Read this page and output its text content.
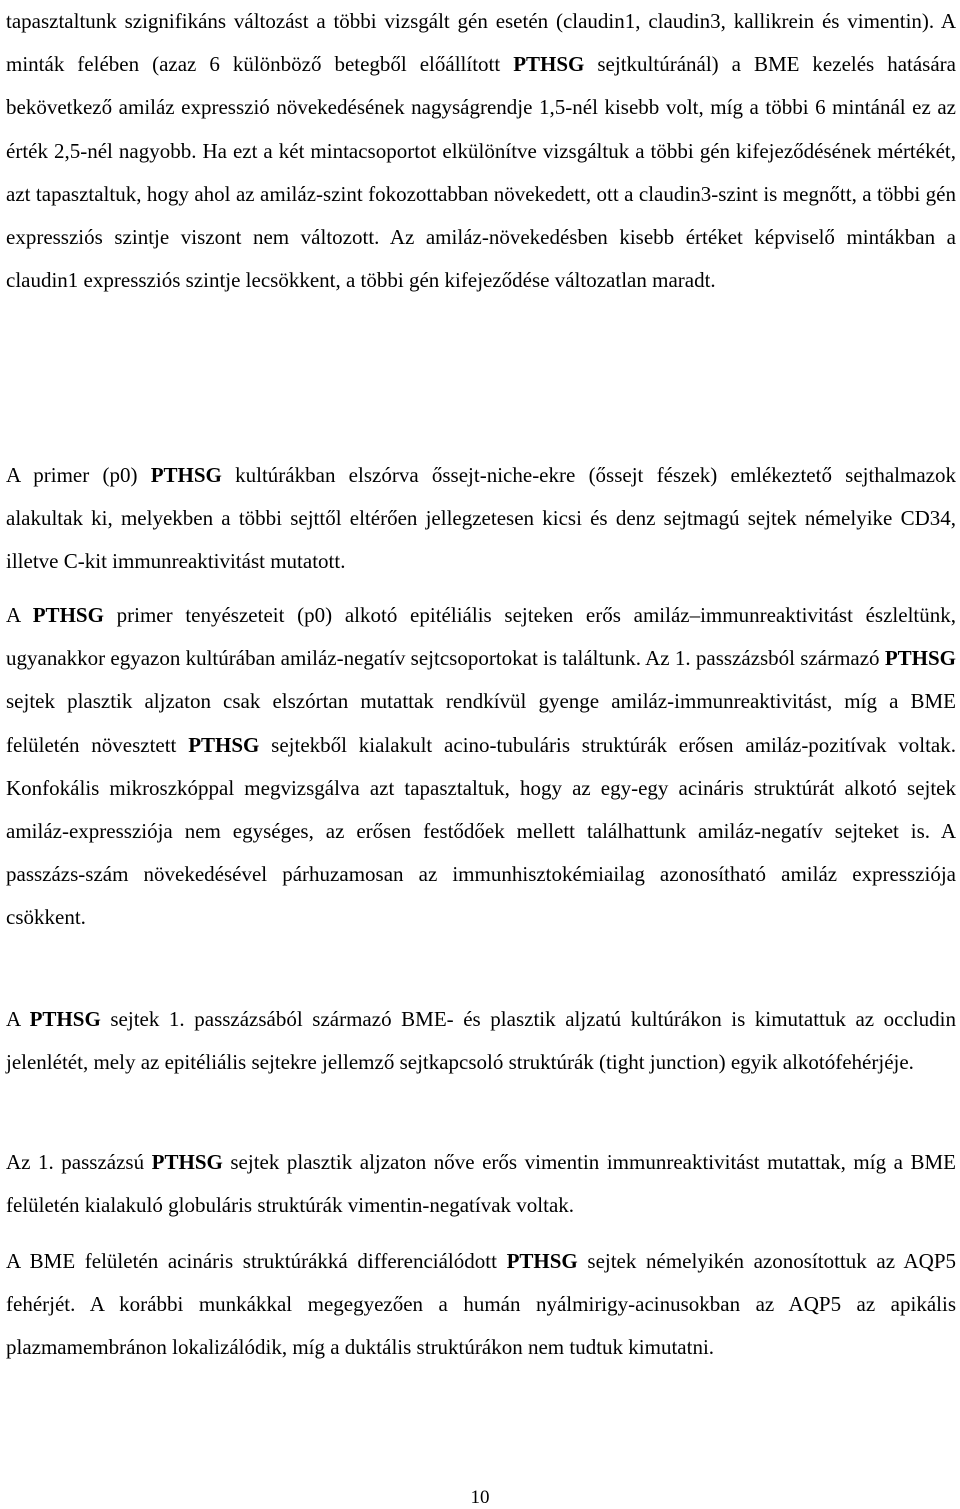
tapasztaltunk szignifikáns változást a többi vizsgált gén esetén (claudin1, claudin3, kallikrein és vimentin). A minták felében (azaz 6 különböző betegből előállított PTHSG sejtkultúránál) a BME kezelés hatására bekövetkező amiláz expresszió növekedésének nagyságrendje 1,5-nél kisebb volt, míg a többi 6 mintánál ez az érték 2,5-nél nagyobb. Ha ezt a két mintacsoportot elkülönítve vizsgáltuk a többi gén kifejeződésének mértékét, azt tapasztaltuk, hogy ahol az amiláz-szint fokozottabban növekedett, ott a claudin3-szint is megnőtt, a többi gén expressziós szintje viszont nem változott. Az amiláz-növekedésben kisebb értéket képviselő mintákban a claudin1 expressziós szintje lecsökkent, a többi gén kifejeződése változatlan maradt.

A primer (p0) PTHSG kultúrákban elszórva őssejt-niche-ekre (őssejt fészek) emlékeztető sejthalmazok alakultak ki, melyekben a többi sejttől eltérően jellegzetesen kicsi és denz sejtmagú sejtek némelyike CD34, illetve C-kit immunreaktivitást mutatott.

A PTHSG primer tenyészeteit (p0) alkotó epitéliális sejteken erős amiláz–immunreaktivitást észleltünk, ugyanakkor egyazon kultúrában amiláz-negatív sejtcsoportokat is találtunk. Az 1. passzázsból származó PTHSG sejtek plasztik aljzaton csak elszórtan mutattak rendkívül gyenge amiláz-immunreaktivitást, míg a BME felületén növesztett PTHSG sejtekből kialakult acino-tubuláris struktúrák erősen amiláz-pozitívak voltak. Konfokális mikroszkóppal megvizsgálva azt tapasztaltuk, hogy az egy-egy acináris struktúrát alkotó sejtek amiláz-expressziója nem egységes, az erősen festődőek mellett találhattunk amiláz-negatív sejteket is. A passzázs-szám növekedésével párhuzamosan az immunhisztokémiailag azonosítható amiláz expressziója csökkent.

A PTHSG sejtek 1. passzázsából származó BME- és plasztik aljzatú kultúrákon is kimutattuk az occludin jelenlétét, mely az epitéliális sejtekre jellemző sejtkapcsoló struktúrák (tight junction) egyik alkotófehérjéje.

Az 1. passzázsú PTHSG sejtek plasztik aljzaton nőve erős vimentin immunreaktivitást mutattak, míg a BME felületén kialakuló globuláris struktúrák vimentin-negatívak voltak.

A BME felületén acináris struktúrákká differenciálódott PTHSG sejtek némelyikén azonosítottuk az AQP5 fehérjét. A korábbi munkákkal megegyezően a humán nyálmirigy-acinusokban az AQP5 az apikális plazmamembránon lokalizálódik, míg a duktális struktúrákon nem tudtuk kimutatni.

10
